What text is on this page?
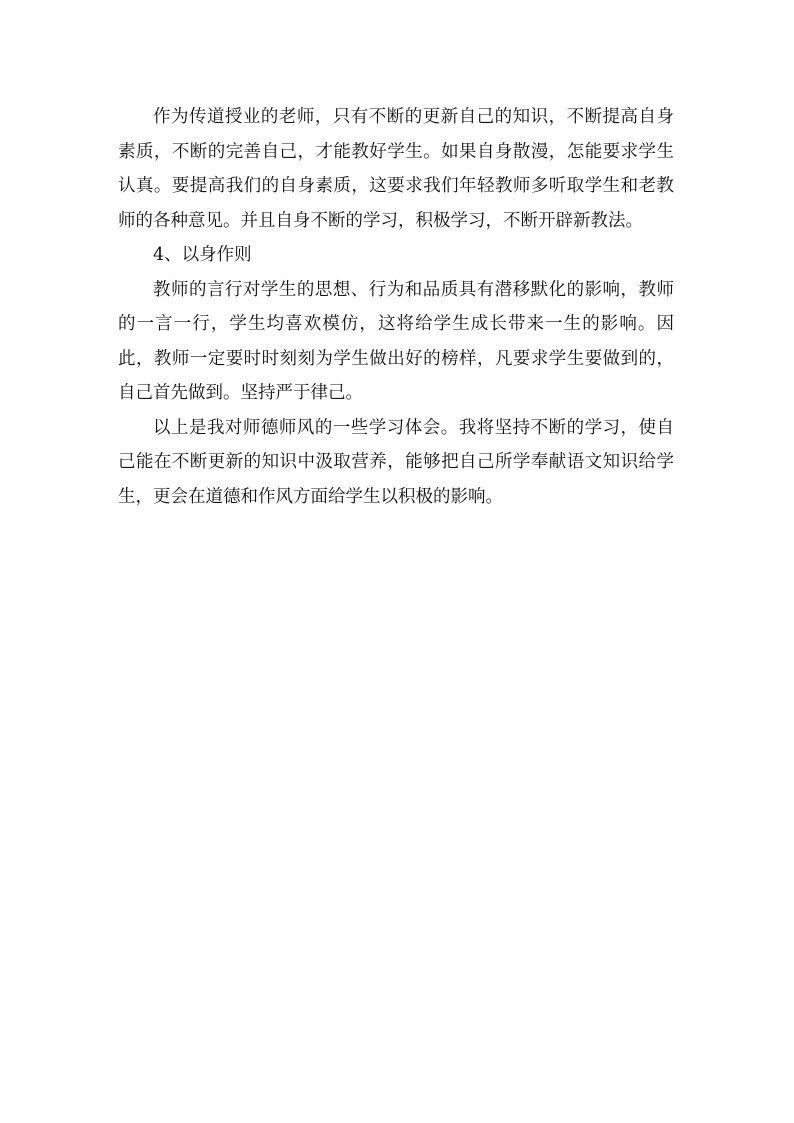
作为传道授业的老师，只有不断的更新自己的知识，不断提高自身素质，不断的完善自己，才能教好学生。如果自身散漫，怎能要求学生认真。要提高我们的自身素质，这要求我们年轻教师多听取学生和老教师的各种意见。并且自身不断的学习，积极学习，不断开辟新教法。

4、以身作则

教师的言行对学生的思想、行为和品质具有潜移默化的影响，教师的一言一行，学生均喜欢模仿，这将给学生成长带来一生的影响。因此，教师一定要时时刻刻为学生做出好的榜样，凡要求学生要做到的，自己首先做到。坚持严于律己。

以上是我对师德师风的一些学习体会。我将坚持不断的学习，使自己能在不断更新的知识中汲取营养，能够把自己所学奉献语文知识给学生，更会在道德和作风方面给学生以积极的影响。
